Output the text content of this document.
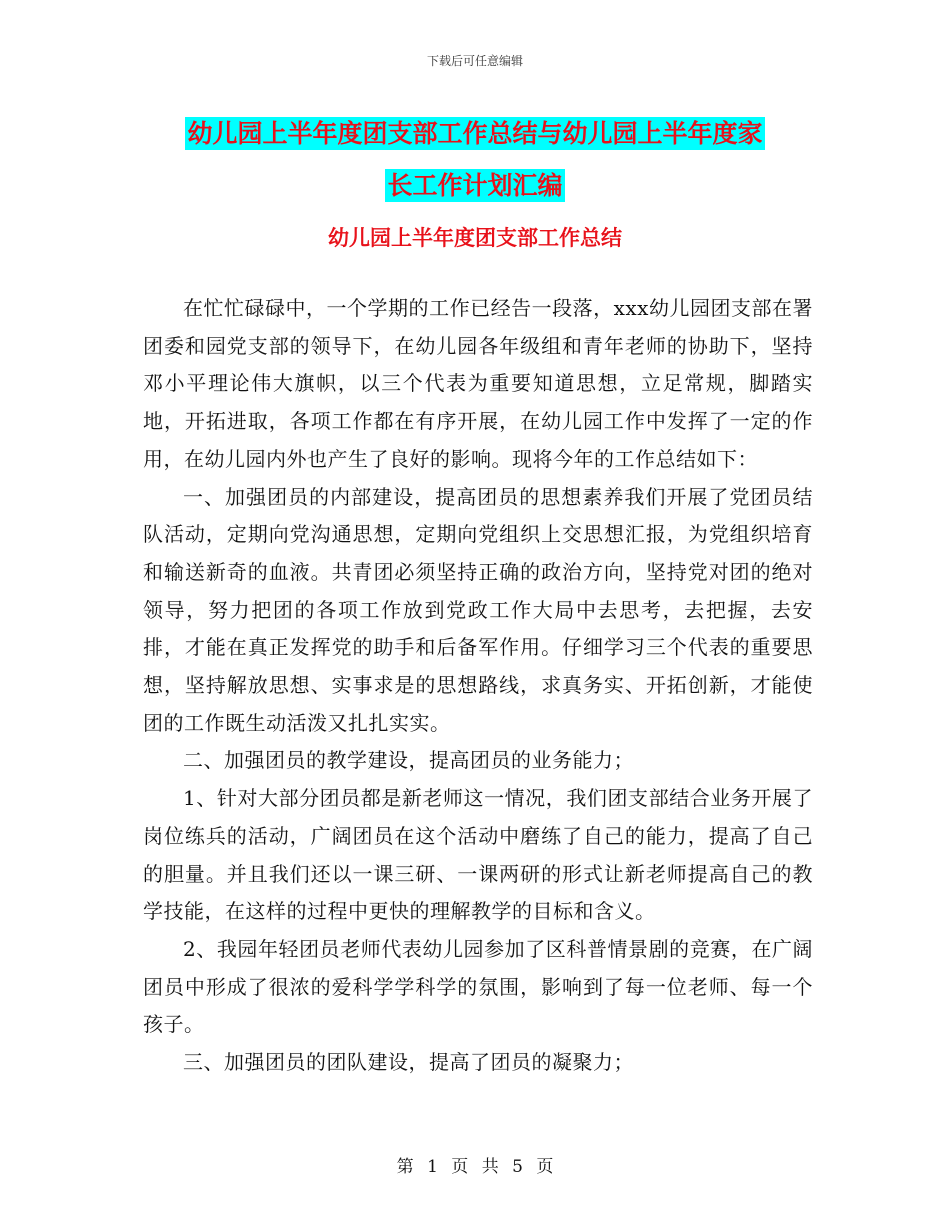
下载后可任意编辑
幼儿园上半年度团支部工作总结与幼儿园上半年度家
长工作计划汇编
幼儿园上半年度团支部工作总结

在忙忙碌碌中，一个学期的工作已经告一段落，xxx幼儿园团支部在署团委和园党支部的领导下，在幼儿园各年级组和青年老师的协助下，坚持邓小平理论伟大旗帜，以三个代表为重要知道思想，立足常规，脚踏实地，开拓进取，各项工作都在有序开展，在幼儿园工作中发挥了一定的作用，在幼儿园内外也产生了良好的影响。现将今年的工作总结如下：

一、加强团员的内部建设，提高团员的思想素养我们开展了党团员结队活动，定期向党沟通思想，定期向党组织上交思想汇报，为党组织培育和输送新奇的血液。共青团必须坚持正确的政治方向，坚持党对团的绝对领导，努力把团的各项工作放到党政工作大局中去思考，去把握，去安排，才能在真正发挥党的助手和后备军作用。仔细学习三个代表的重要思想，坚持解放思想、实事求是的思想路线，求真务实、开拓创新，才能使团的工作既生动活泼又扎扎实实。

二、加强团员的教学建设，提高团员的业务能力；

1、针对大部分团员都是新老师这一情况，我们团支部结合业务开展了岗位练兵的活动，广阔团员在这个活动中磨练了自己的能力，提高了自己的胆量。并且我们还以一课三研、一课两研的形式让新老师提高自己的教学技能，在这样的过程中更快的理解教学的目标和含义。

2、我园年轻团员老师代表幼儿园参加了区科普情景剧的竞赛，在广阔团员中形成了很浓的爱科学学科学的氛围，影响到了每一位老师、每一个孩子。

三、加强团员的团队建设，提高了团员的凝聚力；

第 1 页 共 5 页
